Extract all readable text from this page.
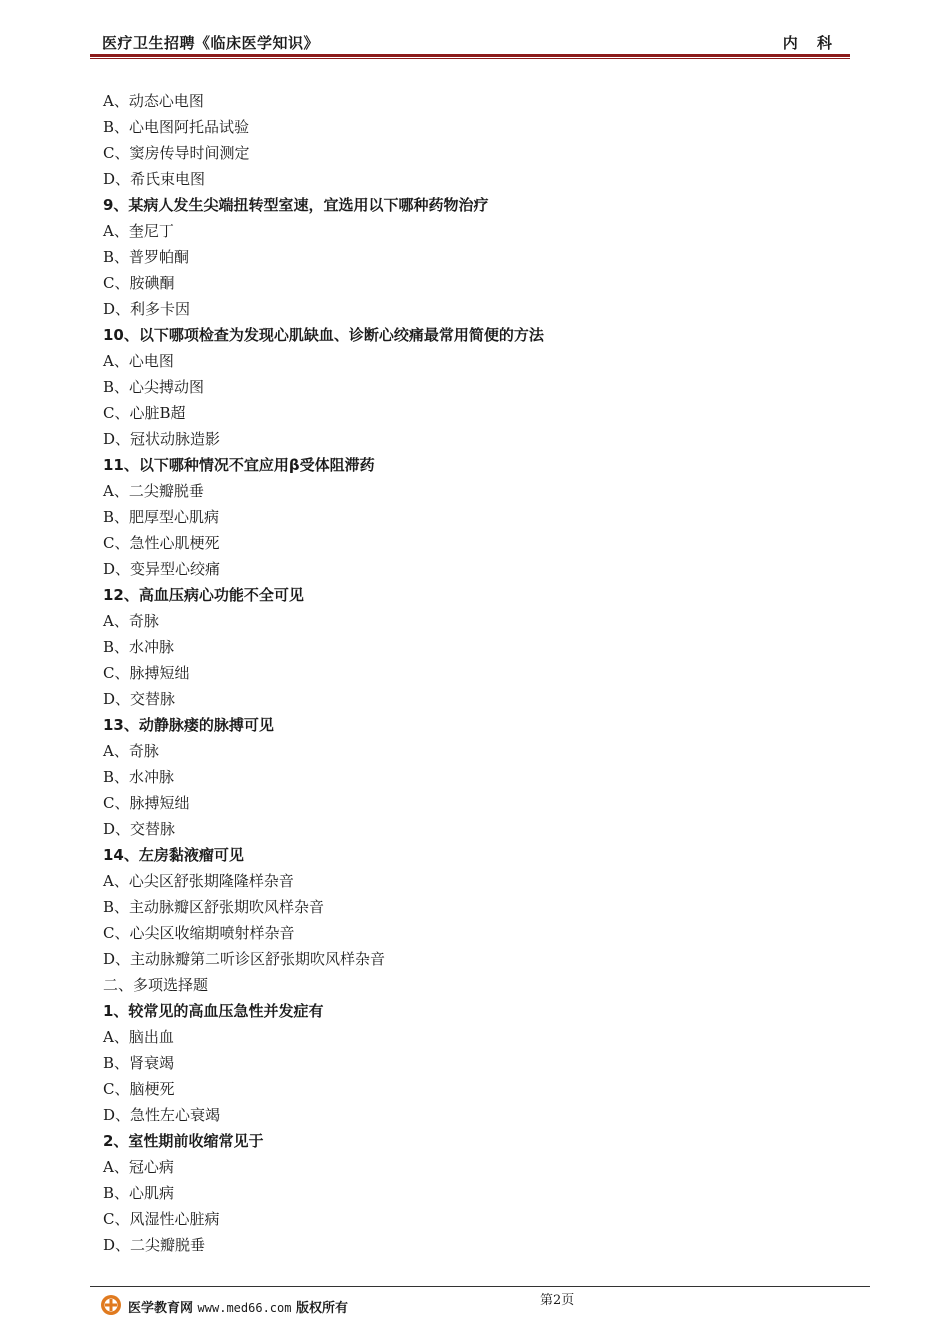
医疗卫生招聘《临床医学知识》	内 科
A、动态心电图
B、心电图阿托品试验
C、窦房传导时间测定
D、希氏束电图
9、某病人发生尖端扭转型室速，宜选用以下哪种药物治疗
A、奎尼丁
B、普罗帕酮
C、胺碘酮
D、利多卡因
10、以下哪项检查为发现心肌缺血、诊断心绞痛最常用简便的方法
A、心电图
B、心尖搏动图
C、心脏B超
D、冠状动脉造影
11、以下哪种情况不宜应用β受体阻滞药
A、二尖瓣脱垂
B、肥厚型心肌病
C、急性心肌梗死
D、变异型心绞痛
12、高血压病心功能不全可见
A、奇脉
B、水冲脉
C、脉搏短绌
D、交替脉
13、动静脉瘘的脉搏可见
A、奇脉
B、水冲脉
C、脉搏短绌
D、交替脉
14、左房黏液瘤可见
A、心尖区舒张期隆隆样杂音
B、主动脉瓣区舒张期吹风样杂音
C、心尖区收缩期喷射样杂音
D、主动脉瓣第二听诊区舒张期吹风样杂音
二、多项选择题
1、较常见的高血压急性并发症有
A、脑出血
B、肾衰竭
C、脑梗死
D、急性左心衰竭
2、室性期前收缩常见于
A、冠心病
B、心肌病
C、风湿性心脏病
D、二尖瓣脱垂
第2页
医学教育网 www.med66.com 版权所有
